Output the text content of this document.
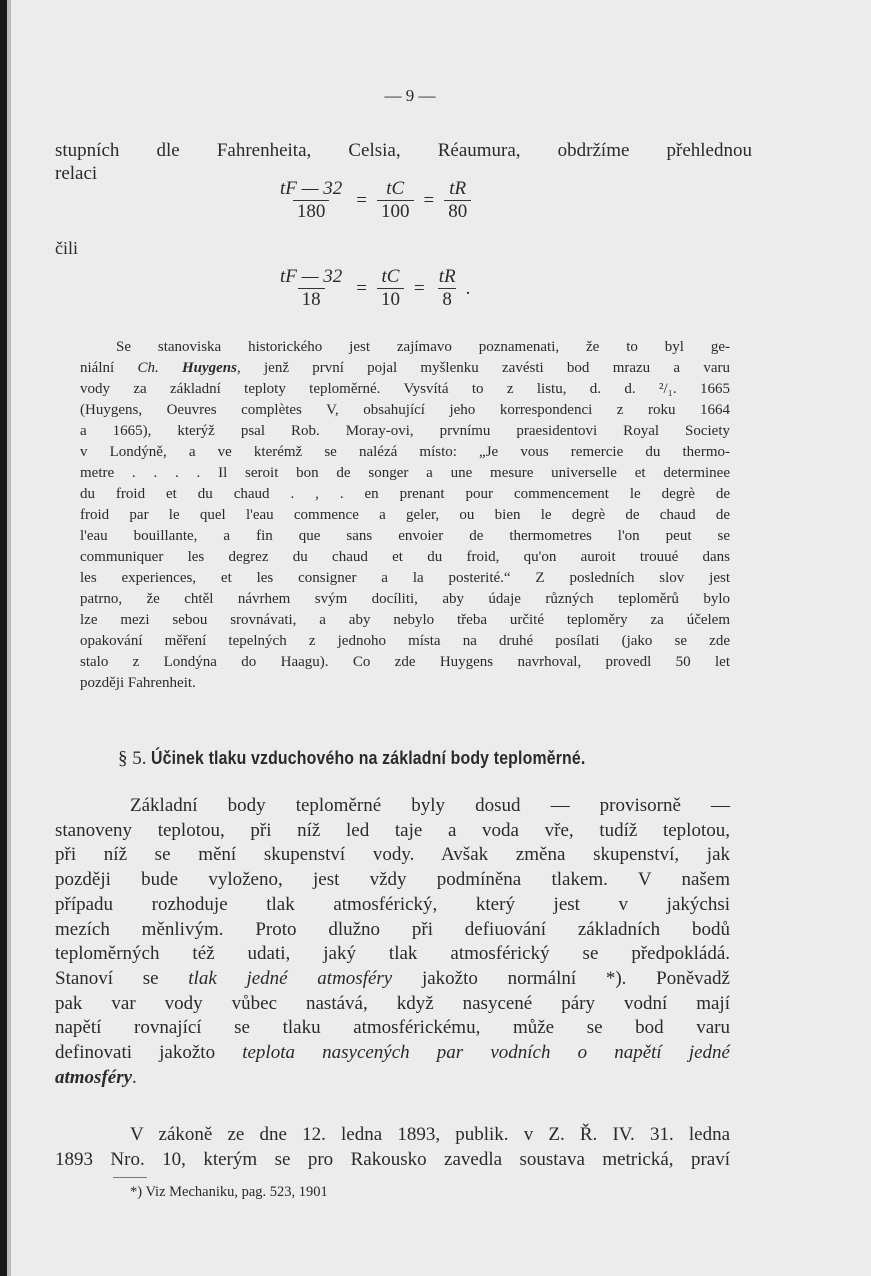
— 9 —
stupních dle Fahrenheita, Celsia, Réaumura, obdržíme přehlednou
relaci
$\frac{tF — 32}{180} = \frac{tC}{100} = \frac{tR}{80}$
čili
$\frac{tF — 32}{18} = \frac{tC}{10} = \frac{tR}{8}$ .
Se stanoviska historického jest zajímavo poznamenati, že to byl ge-
niální Ch. Huygens, jenž první pojal myšlenku zavésti bod mrazu a varu
vody za základní teploty teploměrné. Vysvítá to z listu, d. d. ²/₁. 1665
(Huygens, Oeuvres complètes V, obsahující jeho korrespondenci z roku 1664
a 1665), kterýž psal Rob. Moray-ovi, prvnímu praesidentovi Royal Society
v Londýně, a ve kterémž se nalézá místo: „Je vous remercie du thermo-
metre . . . . Il seroit bon de songer a une mesure universelle et determinee
du froid et du chaud . , . en prenant pour commencement le degrè de
froid par le quel l'eau commence a geler, ou bien le degrè de chaud de
l'eau bouillante, a fin que sans envoier de thermometres l'on peut se
communiquer les degrez du chaud et du froid, qu'on auroit trouué dans
les experiences, et les consigner a la posterité.“ Z posledních slov jest
patrno, že chtěl návrhem svým docíliti, aby údaje různých teploměrů bylo
lze mezi sebou srovnávati, a aby nebylo třeba určité teploměry za účelem
opakování měření tepelných z jednoho místa na druhé posílati (jako se zde
stalo z Londýna do Haagu). Co zde Huygens navrhoval, provedl 50 let
později Fahrenheit.
§ 5. Účinek tlaku vzduchového na základní body teploměrné.
Základní body teploměrné byly dosud — provisorně —
stanoveny teplotou, při níž led taje a voda vře, tudíž teplotou,
při níž se mění skupenství vody. Avšak změna skupenství, jak
později bude vyloženo, jest vždy podmíněna tlakem. V našem
případu rozhoduje tlak atmosférický, který jest v jakýchsi
mezích měnlivým. Proto dlužno při defiuování základních bodů
teploměrných též udati, jaký tlak atmosférický se předpokládá.
Stanoví se tlak jedné atmosféry jakožto normální *). Poněvadž
pak var vody vůbec nastává, když nasycené páry vodní mají
napětí rovnající se tlaku atmosférickému, může se bod varu
definovati jakožto teplota nasycených par vodních o napětí jedné
atmosféry.
V zákoně ze dne 12. ledna 1893, publik. v Z. Ř. IV. 31. ledna
1893 Nro. 10, kterým se pro Rakousko zavedla soustava metrická, praví
*) Viz Mechaniku, pag. 523, 1901
